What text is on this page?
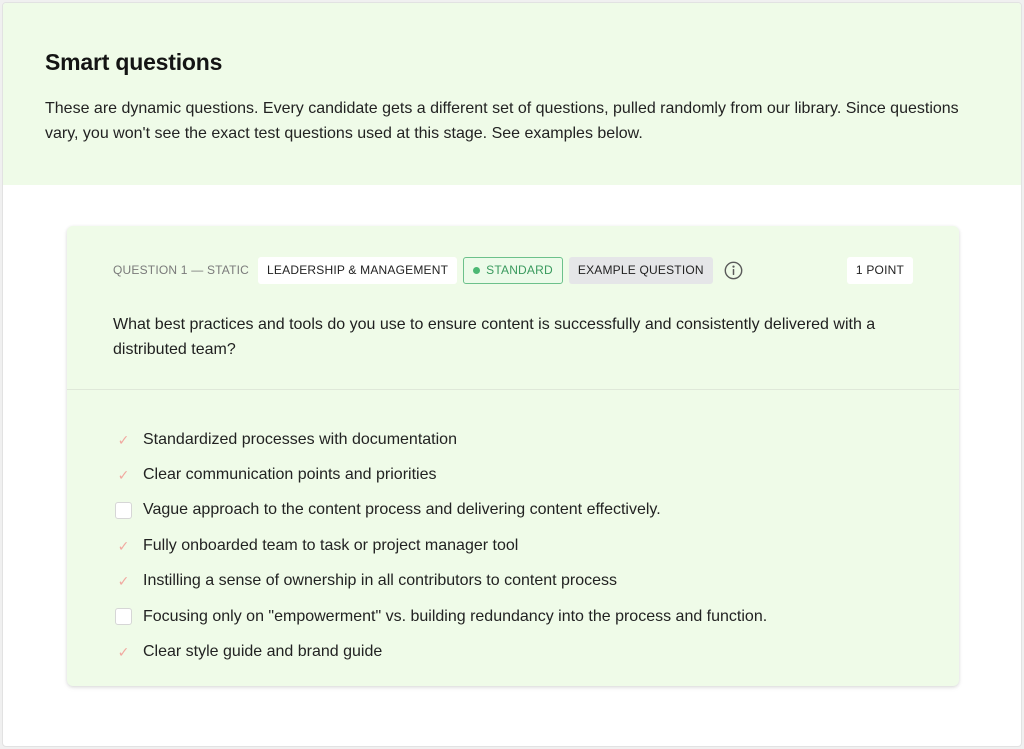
Smart questions

These are dynamic questions. Every candidate gets a different set of questions, pulled randomly from our library. Since questions vary, you won't see the exact test questions used at this stage. See examples below.

QUESTION 1 — STATIC	LEADERSHIP & MANAGEMENT	STANDARD	EXAMPLE QUESTION	1 POINT
What best practices and tools do you use to ensure content is successfully and consistently delivered with a distributed team?
✓ Standardized processes with documentation
✓ Clear communication points and priorities
Vague approach to the content process and delivering content effectively.
✓ Fully onboarded team to task or project manager tool
✓ Instilling a sense of ownership in all contributors to content process
Focusing only on "empowerment" vs. building redundancy into the process and function.
✓ Clear style guide and brand guide
